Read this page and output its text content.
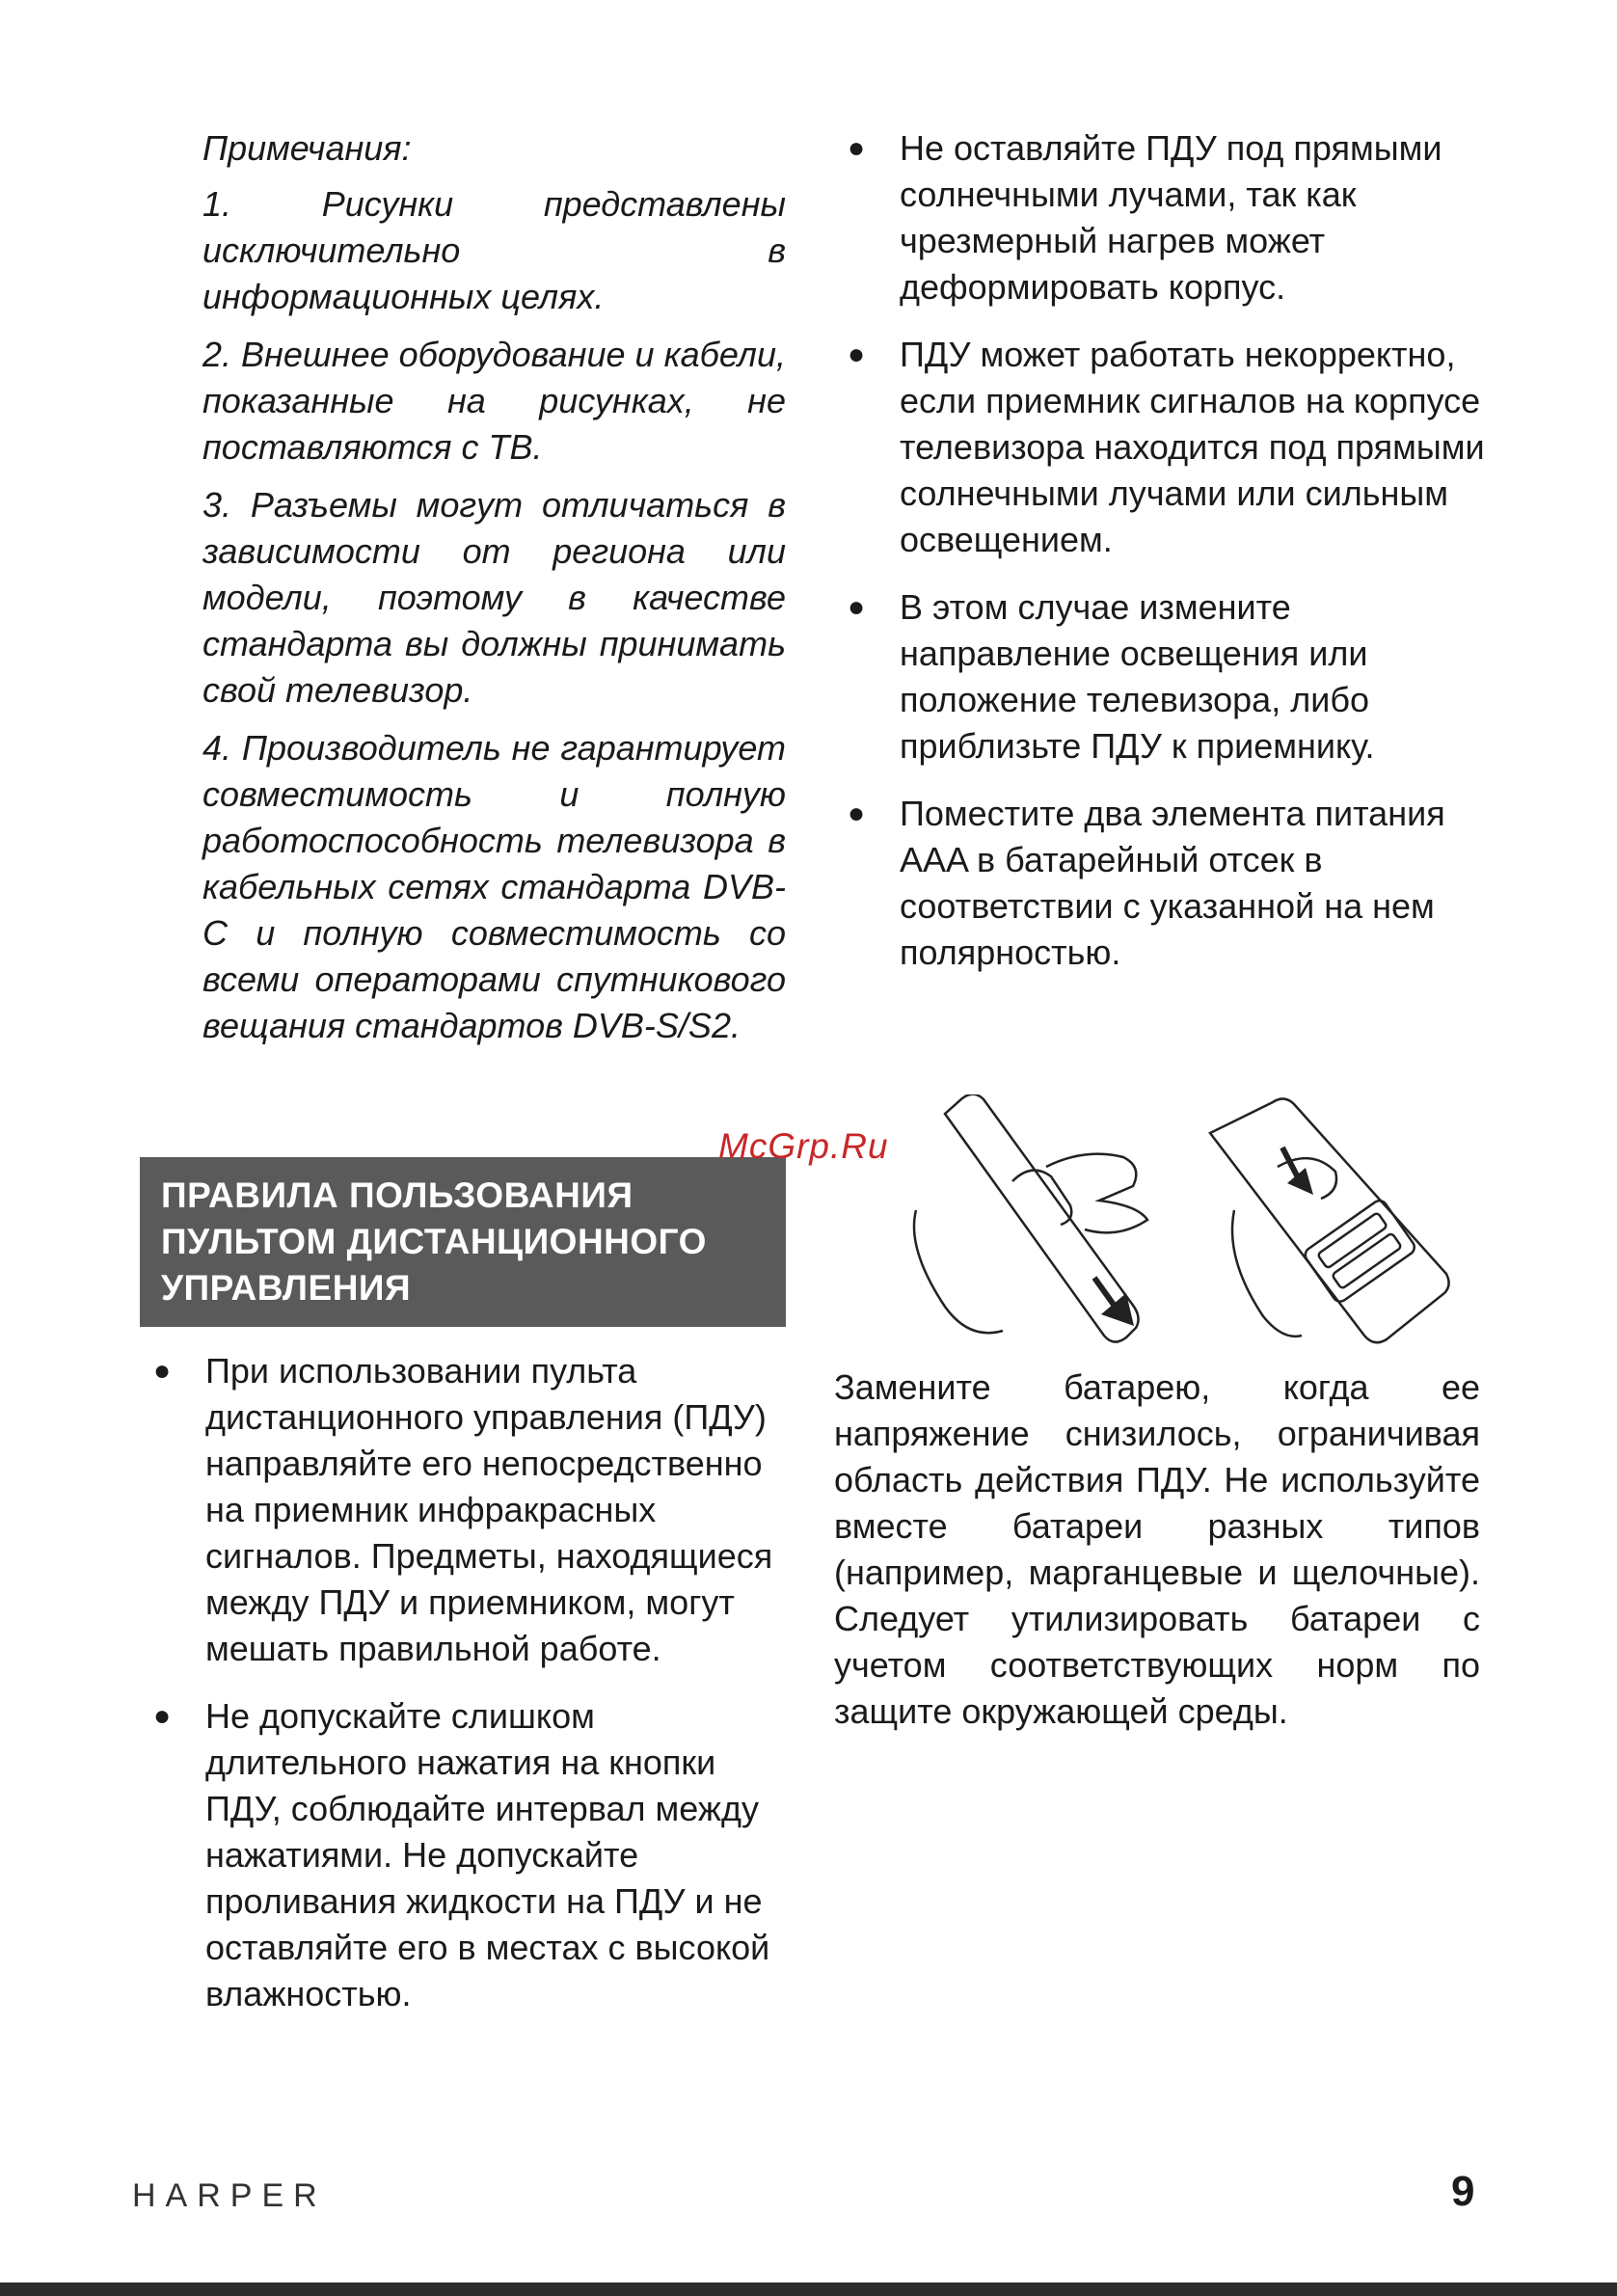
Примечания:
1. Рисунки представлены исключительно в информационных целях.
2. Внешнее оборудование и кабели, показанные на рисунках, не поставляются с ТВ.
3. Разъемы могут отличаться в зависимости от региона или модели, поэтому в качестве стандарта вы должны принимать свой телевизор.
4. Производитель не гарантирует совместимость и полную работоспособность телевизора в кабельных сетях стандарта DVB-C и полную совместимость со всеми операторами спутникового вещания стандартов DVB-S/S2.
ПРАВИЛА ПОЛЬЗОВАНИЯ
ПУЛЬТОМ ДИСТАНЦИОННОГО
УПРАВЛЕНИЯ
● При использовании пульта дистанционного управления (ПДУ) направляйте его непосредственно на приемник инфракрасных сигналов. Предметы, находящиеся между ПДУ и приемником, могут мешать правильной работе.
● Не допускайте слишком длительного нажатия на кнопки ПДУ, соблюдайте интервал между нажатиями. Не допускайте проливания жидкости на ПДУ и не оставляйте его в местах с высокой влажностью.
● Не оставляйте ПДУ под прямыми солнечными лучами, так как чрезмерный нагрев может деформировать корпус.
● ПДУ может работать некорректно, если приемник сигналов на корпусе телевизора находится под прямыми солнечными лучами или сильным освещением.
● В этом случае измените направление освещения или положение телевизора, либо приблизьте ПДУ к приемнику.
● Поместите два элемента питания AAA в батарейный отсек в соответствии с указанной на нем полярностью.
McGrp.Ru
Замените батарею, когда ее напряжение снизилось, ограничивая область действия ПДУ. Не используйте вместе батареи разных типов (например, марганцевые и щелочные). Следует утилизировать батареи с учетом соответствующих норм по защите окружающей среды.
HARPER	9
